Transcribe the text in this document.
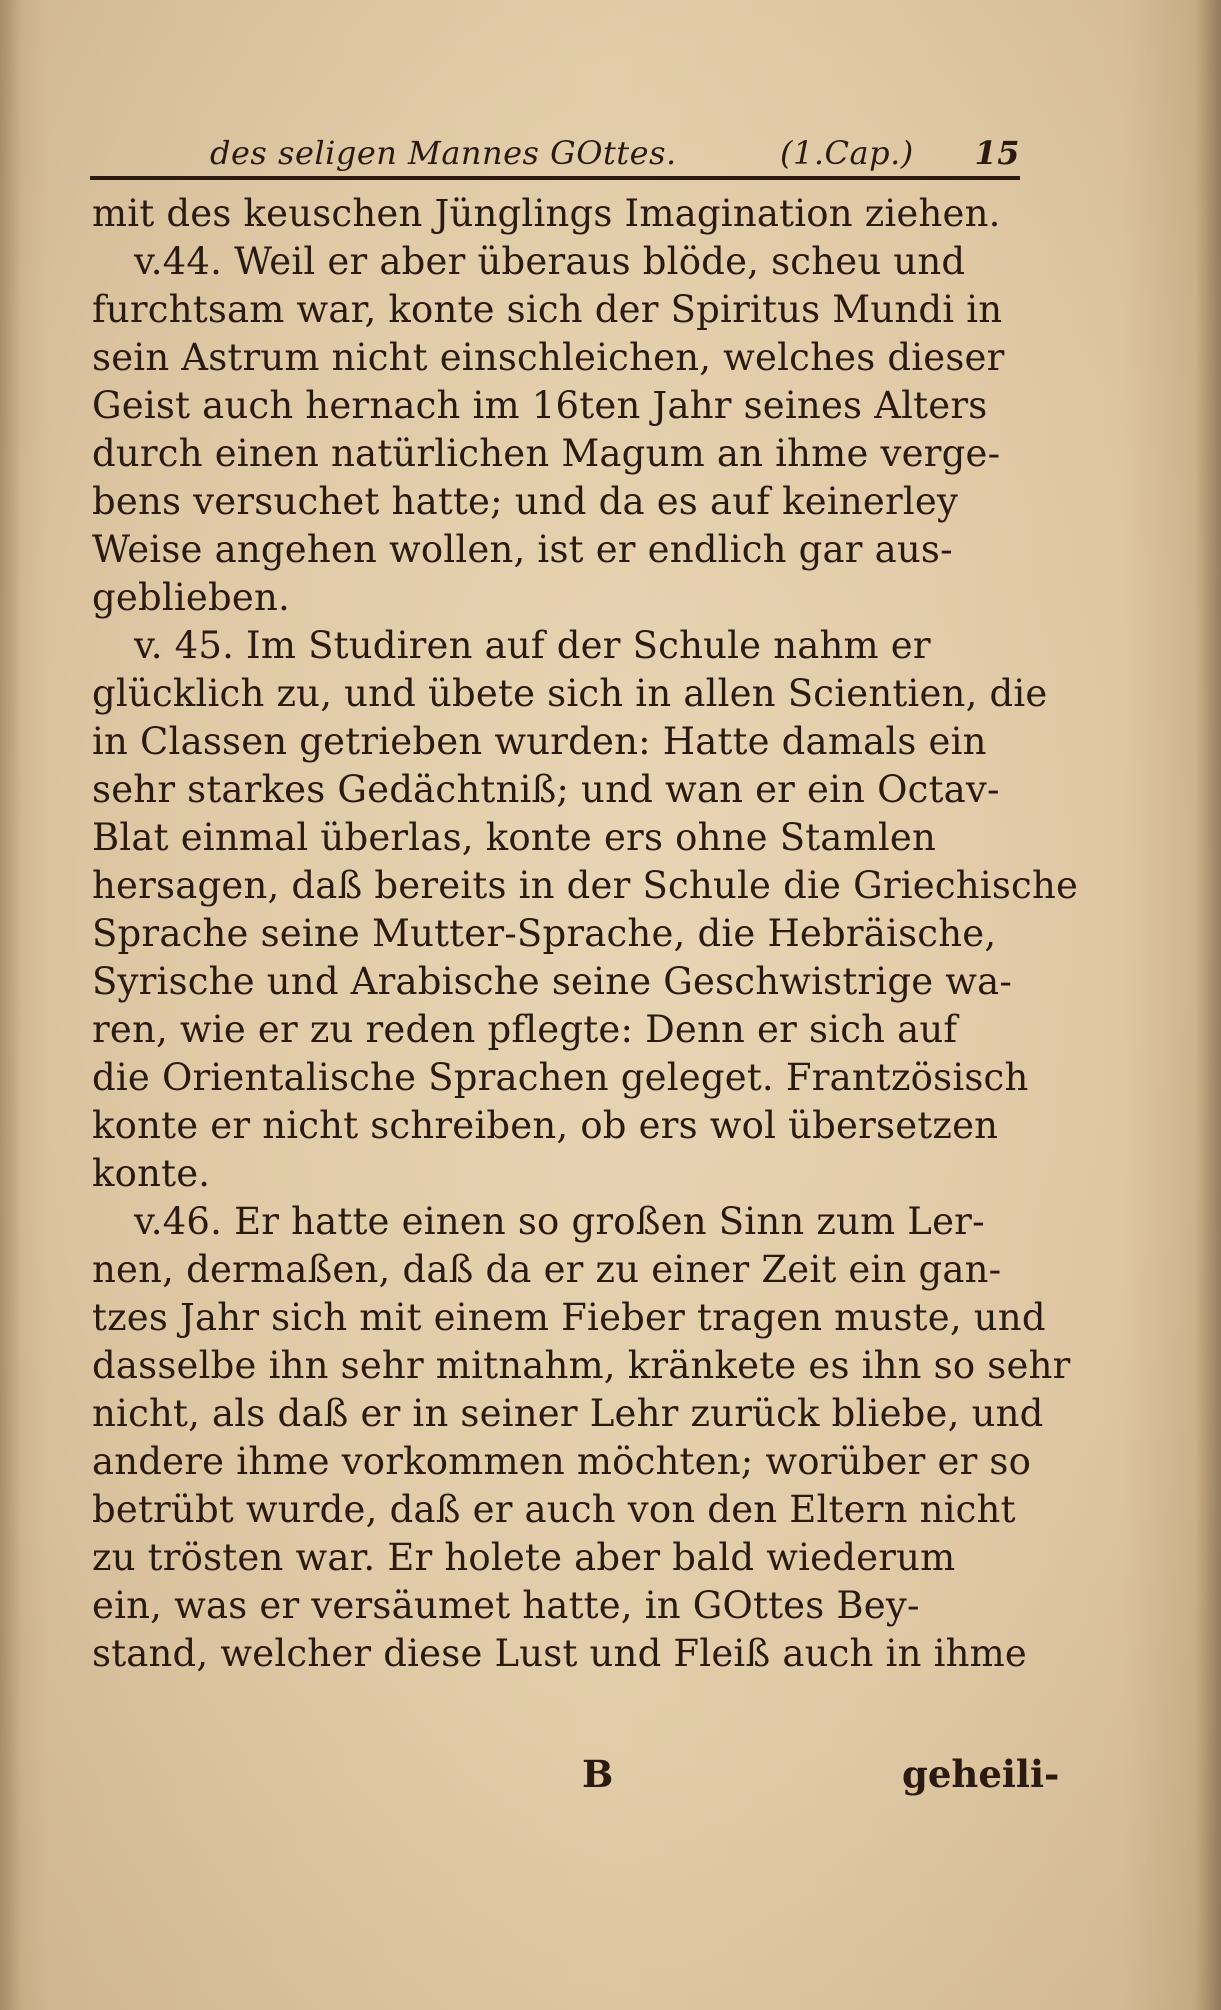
des seligen Mannes GOttes.	(1.Cap.) 15
mit des keuschen Jünglings Imagination ziehen.
v.44. Weil er aber überaus blöde, scheu und
furchtsam war, konte sich der Spiritus Mundi in
sein Astrum nicht einschleichen, welches dieser
Geist auch hernach im 16ten Jahr seines Alters
durch einen natürlichen Magum an ihme verge-
bens versuchet hatte; und da es auf keinerley
Weise angehen wollen, ist er endlich gar aus-
geblieben.
v. 45. Im Studiren auf der Schule nahm er
glücklich zu, und übete sich in allen Scientien, die
in Classen getrieben wurden: Hatte damals ein
sehr starkes Gedächtniß; und wan er ein Octav-
Blat einmal überlas, konte ers ohne Stamlen
hersagen, daß bereits in der Schule die Griechische
Sprache seine Mutter-Sprache, die Hebräische,
Syrische und Arabische seine Geschwistrige wa-
ren, wie er zu reden pflegte: Denn er sich auf
die Orientalische Sprachen geleget. Frantzösisch
konte er nicht schreiben, ob ers wol übersetzen
konte.
v.46. Er hatte einen so großen Sinn zum Ler-
nen, dermaßen, daß da er zu einer Zeit ein gan-
tzes Jahr sich mit einem Fieber tragen muste, und
dasselbe ihn sehr mitnahm, kränkete es ihn so sehr
nicht, als daß er in seiner Lehr zurück bliebe, und
andere ihme vorkommen möchten; worüber er so
betrübt wurde, daß er auch von den Eltern nicht
zu trösten war. Er holete aber bald wiederum
ein, was er versäumet hatte, in GOttes Bey-
stand, welcher diese Lust und Fleiß auch in ihme
B	geheili-
